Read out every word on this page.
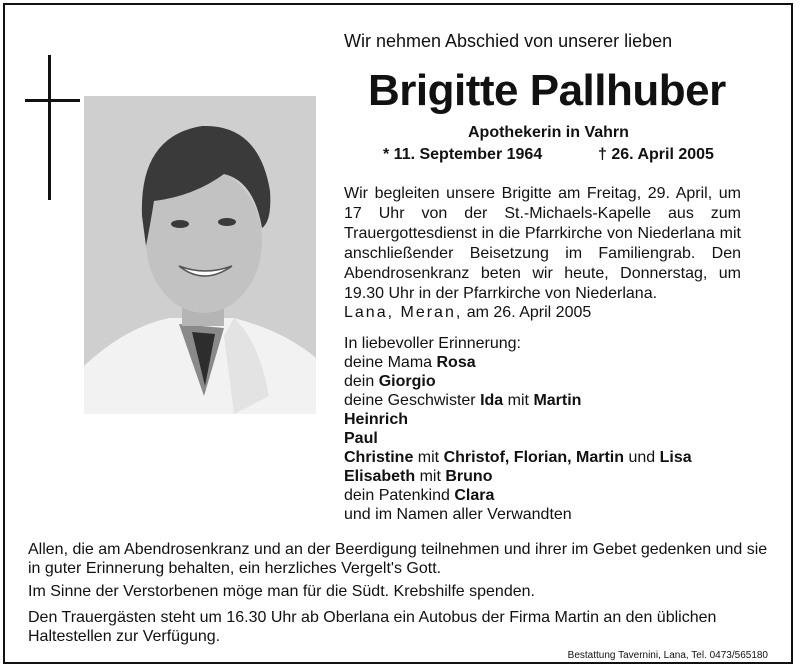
Wir nehmen Abschied von unserer lieben
Brigitte Pallhuber
Apothekerin in Vahrn
* 11. September 1964	† 26. April 2005
Wir begleiten unsere Brigitte am Freitag, 29. April, um 17 Uhr von der St.-Michaels-Kapelle aus zum Trauergottesdienst in die Pfarrkirche von Niederlana mit anschließender Beisetzung im Familiengrab. Den Abendrosenkranz beten wir heute, Donnerstag, um 19.30 Uhr in der Pfarrkirche von Niederlana.
Lana, Meran, am 26. April 2005
In liebevoller Erinnerung:
deine Mama Rosa
dein Giorgio
deine Geschwister Ida mit Martin
Heinrich
Paul
Christine mit Christof, Florian, Martin und Lisa
Elisabeth mit Bruno
dein Patenkind Clara
und im Namen aller Verwandten
Allen, die am Abendrosenkranz und an der Beerdigung teilnehmen und ihrer im Gebet gedenken und sie in guter Erinnerung behalten, ein herzliches Vergelt's Gott.
Im Sinne der Verstorbenen möge man für die Südt. Krebshilfe spenden.
Den Trauergästen steht um 16.30 Uhr ab Oberlana ein Autobus der Firma Martin an den üblichen Haltestellen zur Verfügung.
Bestattung Tavernini, Lana, Tel. 0473/565180
